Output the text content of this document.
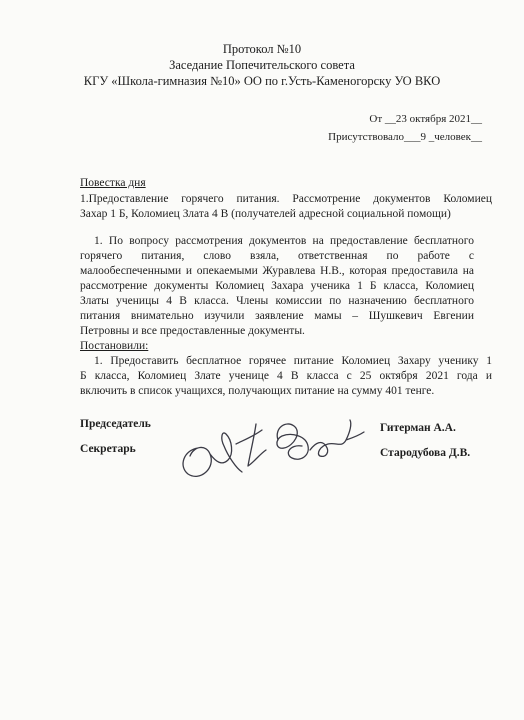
Протокол №10
Заседание Попечительского совета
КГУ «Школа-гимназия №10» ОО по г.Усть-Каменогорску УО ВКО
От __23 октября 2021__
Присутствовало___9 _человек__
Повестка дня
1.Предоставление горячего питания. Рассмотрение документов Коломиец
Захар 1 Б, Коломиец Злата 4 В (получателей адресной социальной помощи)
1. По вопросу рассмотрения документов на предоставление бесплатного
горячего питания, слово взяла, ответственная по работе с
малообеспеченными и опекаемыми Журавлева Н.В., которая предоставила на
рассмотрение документы Коломиец Захара ученика 1 Б класса, Коломиец
Златы ученицы 4 В класса. Члены комиссии по назначению бесплатного
питания внимательно изучили заявление мамы – Шушкевич Евгении
Петровны и все предоставленные документы.
Постановили:
1. Предоставить бесплатное горячее питание Коломиец Захару ученику 1
Б класса, Коломиец Злате ученице 4 В класса с 25 октября 2021 года и
включить в список учащихся, получающих питание на сумму 401 тенге.
Председатель	Гитерман А.А.
Секретарь	Стародубова Д.В.
